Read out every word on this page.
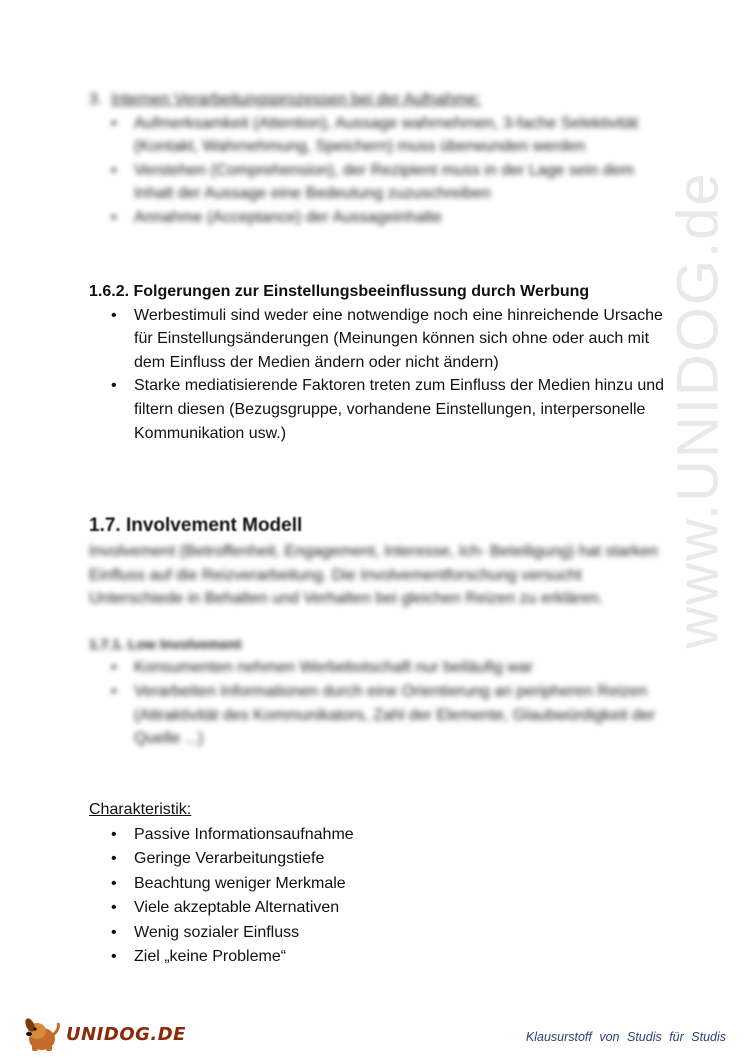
www.UNIDOG.de

3. Internen Verarbeitungsprozessen bei der Aufnahme:

• Aufmerksamkeit (Attention), Aussage wahrnehmen, 3-fache Selektivität (Kontakt, Wahrnehmung, Speichern) muss überwunden werden
• Verstehen (Comprehension), der Rezipient muss in der Lage sein dem Inhalt der Aussage eine Bedeutung zuzuschreiben
• Annahme (Acceptance) der Aussageinhalte

1.6.2. Folgerungen zur Einstellungsbeeinflussung durch Werbung

• Werbestimuli sind weder eine notwendige noch eine hinreichende Ursache für Einstellungsänderungen (Meinungen können sich ohne oder auch mit dem Einfluss der Medien ändern oder nicht ändern)
• Starke mediatisierende Faktoren treten zum Einfluss der Medien hinzu und filtern diesen (Bezugsgruppe, vorhandene Einstellungen, interpersonelle Kommunikation usw.)

1.7. Involvement Modell

Involvement (Betroffenheit, Engagement, Interesse, Ich- Beteiligung) hat starken Einfluss auf die Reizverarbeitung. Die Involvementforschung versucht Unterschiede in Behalten und Verhalten bei gleichen Reizen zu erklären.

1.7.1. Low Involvement

• Konsumenten nehmen Werbebotschaft nur beiläufig war
• Verarbeiten Informationen durch eine Orientierung an peripheren Reizen (Attraktivität des Kommunikators, Zahl der Elemente, Glaubwürdigkeit der Quelle ...)

Charakteristik:

• Passive Informationsaufnahme
• Geringe Verarbeitungstiefe
• Beachtung weniger Merkmale
• Viele akzeptable Alternativen
• Wenig sozialer Einfluss
• Ziel „keine Probleme“
UNIDOG.DE	Klausurstoff von Studis für Studis
